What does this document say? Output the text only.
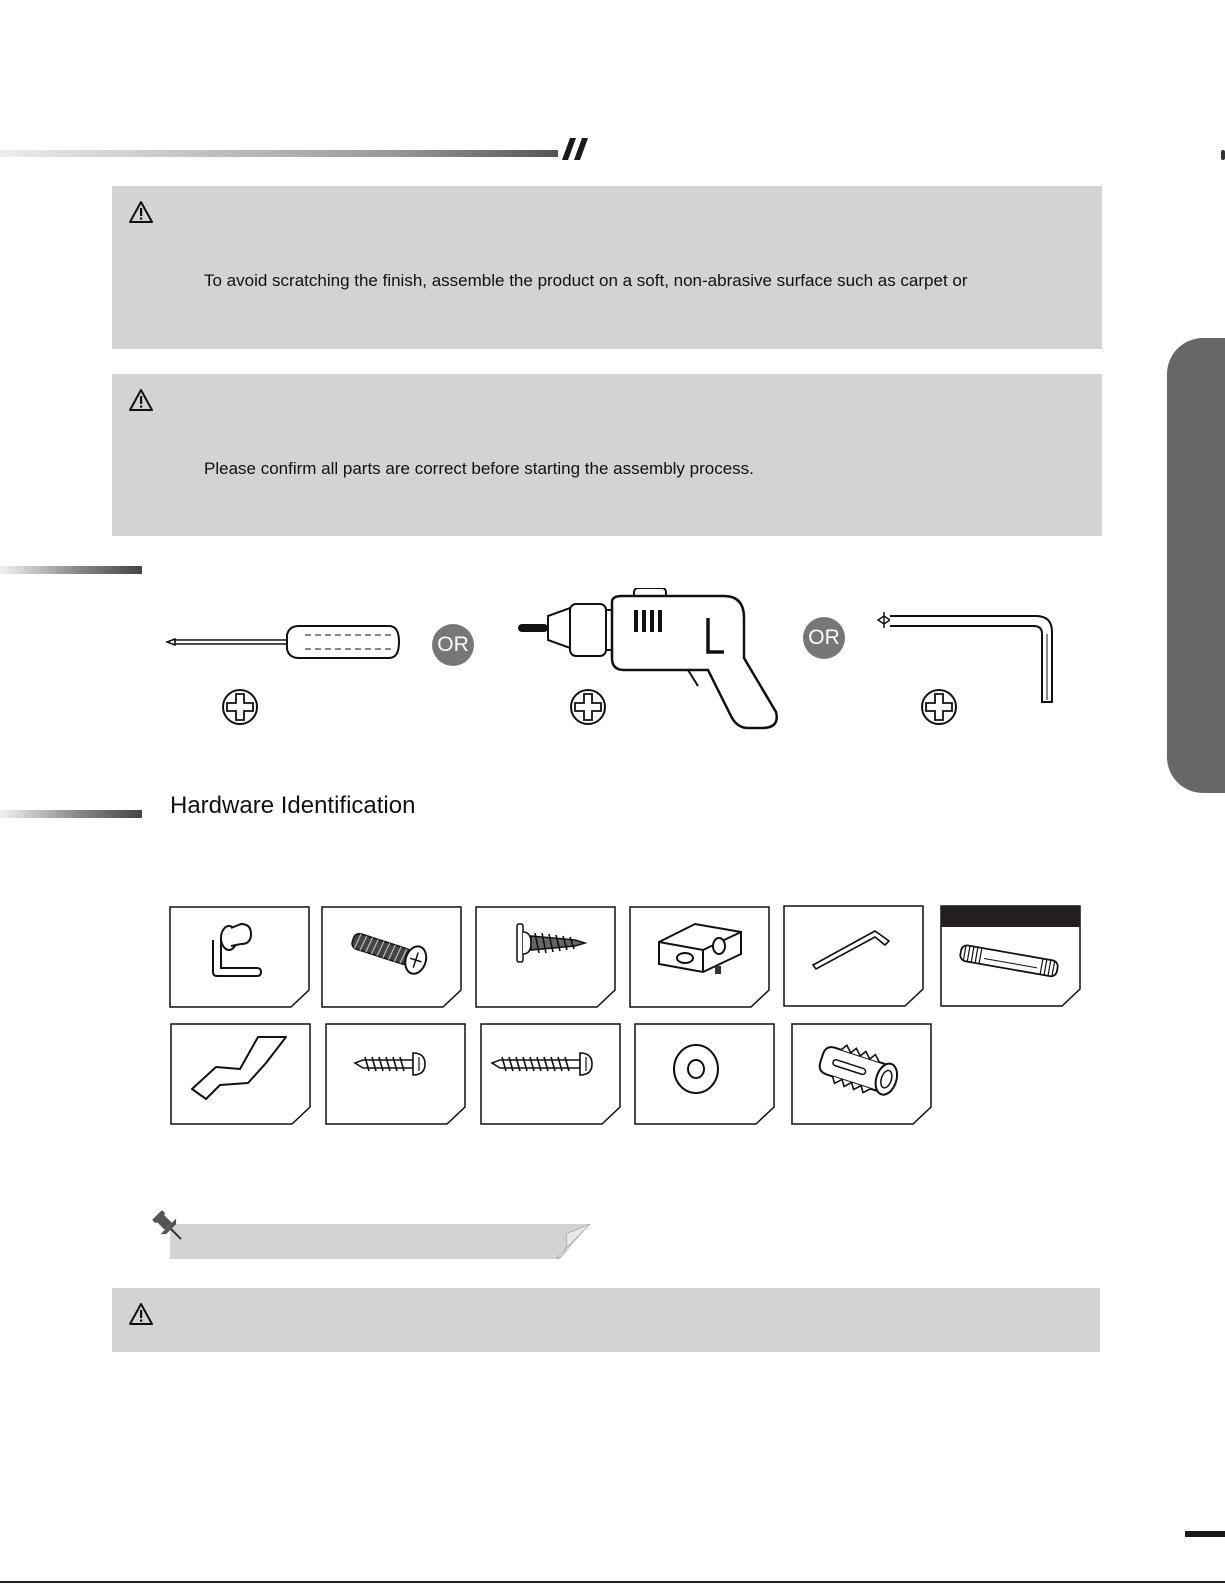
To avoid scratching the finish, assemble the product on a soft, non-abrasive surface such as carpet or
Please confirm all parts are correct before starting the assembly process.
OR	OR
Hardware Identification
